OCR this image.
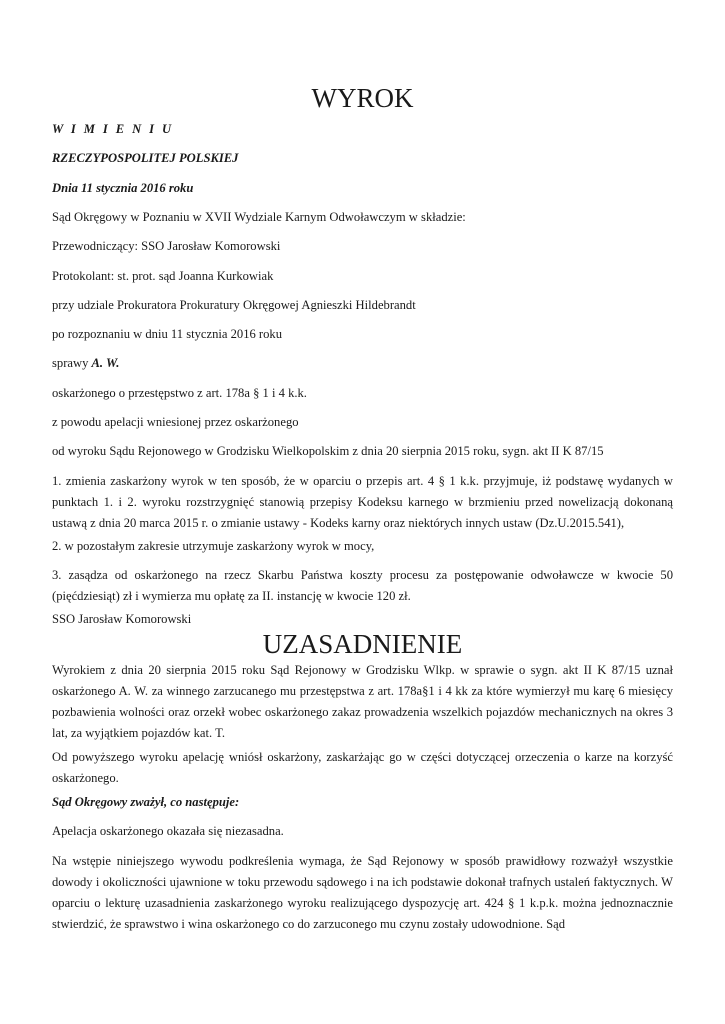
WYROK

W I M I E N I U

RZECZYPOSPOLITEJ POLSKIEJ

Dnia 11 stycznia 2016 roku

Sąd Okręgowy w Poznaniu w XVII Wydziale Karnym Odwoławczym w składzie:

Przewodniczący: SSO Jarosław Komorowski

Protokolant: st. prot. sąd Joanna Kurkowiak

przy udziale Prokuratora Prokuratury Okręgowej Agnieszki Hildebrandt

po rozpoznaniu w dniu 11 stycznia 2016 roku

sprawy A. W.

oskarżonego o przestępstwo z art. 178a § 1 i 4 k.k.

z powodu apelacji wniesionej przez oskarżonego

od wyroku Sądu Rejonowego w Grodzisku Wielkopolskim z dnia 20 sierpnia 2015 roku, sygn. akt II K 87/15

1. zmienia zaskarżony wyrok w ten sposób, że w oparciu o przepis art. 4 § 1 k.k. przyjmuje, iż podstawę wydanych w punktach 1. i 2. wyroku rozstrzygnięć stanowią przepisy Kodeksu karnego w brzmieniu przed nowelizacją dokonaną ustawą z dnia 20 marca 2015 r. o zmianie ustawy - Kodeks karny oraz niektórych innych ustaw (Dz.U.2015.541),

2. w pozostałym zakresie utrzymuje zaskarżony wyrok w mocy,

3. zasądza od oskarżonego na rzecz Skarbu Państwa koszty procesu za postępowanie odwoławcze w kwocie 50 (pięćdziesiąt) zł i wymierza mu opłatę za II. instancję w kwocie 120 zł.

SSO Jarosław Komorowski

UZASADNIENIE

Wyrokiem z dnia 20 sierpnia 2015 roku Sąd Rejonowy w Grodzisku Wlkp. w sprawie o sygn. akt II K 87/15 uznał oskarżonego A. W. za winnego zarzucanego mu przestępstwa z art. 178a§1 i 4 kk za które wymierzył mu karę 6 miesięcy pozbawienia wolności oraz orzekł wobec oskarżonego zakaz prowadzenia wszelkich pojazdów mechanicznych na okres 3 lat, za wyjątkiem pojazdów kat. T.

Od powyższego wyroku apelację wniósł oskarżony, zaskarżając go w części dotyczącej orzeczenia o karze na korzyść oskarżonego.

Sąd Okręgowy zważył, co następuje:

Apelacja oskarżonego okazała się niezasadna.

Na wstępie niniejszego wywodu podkreślenia wymaga, że Sąd Rejonowy w sposób prawidłowy rozważył wszystkie dowody i okoliczności ujawnione w toku przewodu sądowego i na ich podstawie dokonał trafnych ustaleń faktycznych. W oparciu o lekturę uzasadnienia zaskarżonego wyroku realizującego dyspozycję art. 424 § 1 k.p.k. można jednoznacznie stwierdzić, że sprawstwo i wina oskarżonego co do zarzuconego mu czynu zostały udowodnione. Sąd
